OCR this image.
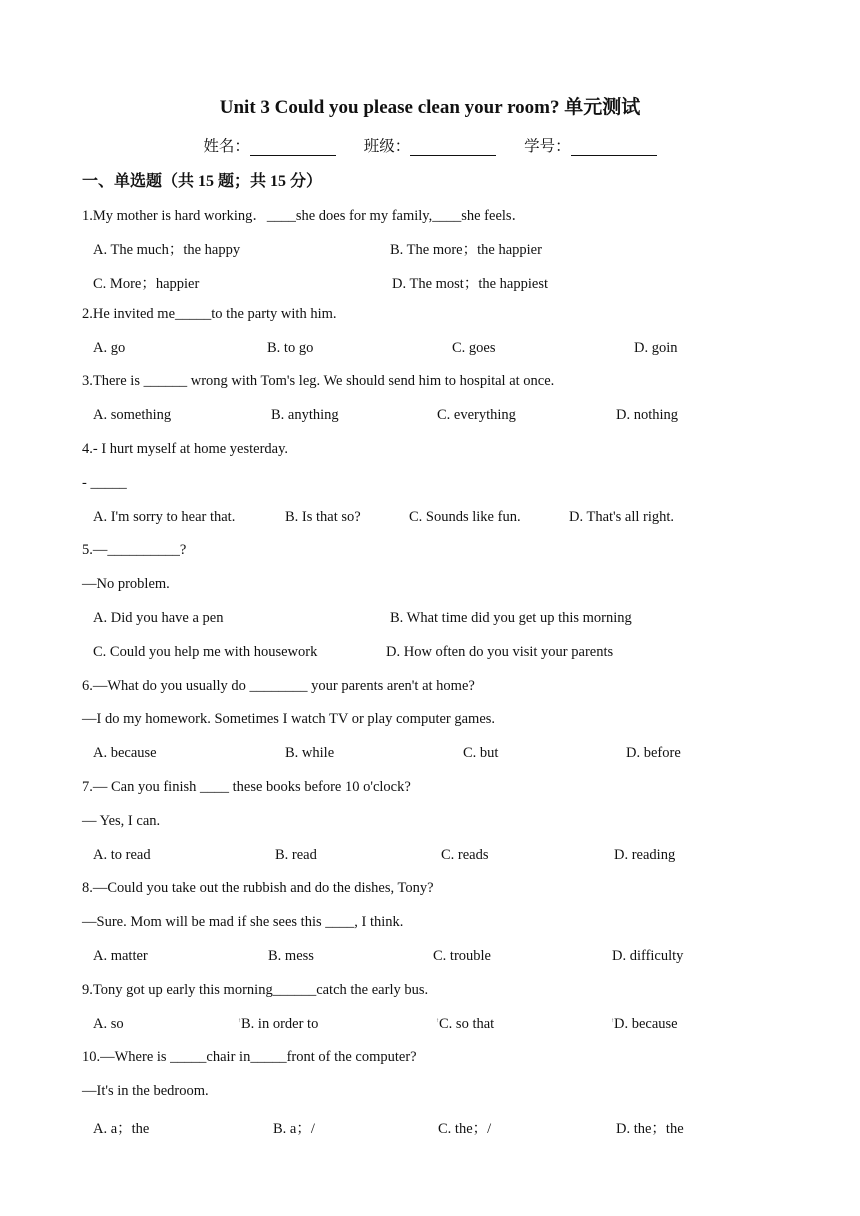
Unit 3 Could you please clean your room? 单元测试
姓名：	班级：	学号：
一、单选题（共 15 题；共 15 分）
1.My mother is hard working．____she does for my family,____she feels．
A. The much；the happy	B. The more；the happier
C. More；happier	D. The most；the happiest
2.He invited me_____to the party with him.
A. go	B. to go	C. goes	D. goin
3.There is ______ wrong with Tom's leg. We should send him to hospital at once.
A. something	B. anything	C. everything	D. nothing
4.- I hurt myself at home yesterday.
- _____
A. I'm sorry to hear that.	B. Is that so?	C. Sounds like fun.	D. That's all right.
5.—__________?
—No problem.
A. Did you have a pen	B. What time did you get up this morning
C. Could you help me with housework	D. How often do you visit your parents
6.—What do you usually do ________ your parents aren't at home?
—I do my homework. Sometimes I watch TV or play computer games.
A. because	B. while	C. but	D. before
7.— Can you finish ____ these books before 10 o'clock?
— Yes, I can.
A. to read	B. read	C. reads	D. reading
8.—Could you take out the rubbish and do the dishes, Tony?
—Sure. Mom will be mad if she sees this ____, I think.
A. matter	B. mess	C. trouble	D. difficulty
9.Tony got up early this morning______catch the early bus.
A. so	↑B. in order to	↑C. so that	↑D. because
10.—Where is _____chair in_____front of the computer?
—It's in the bedroom.
A. a；the	B. a；/	C. the；/	D. the；the
